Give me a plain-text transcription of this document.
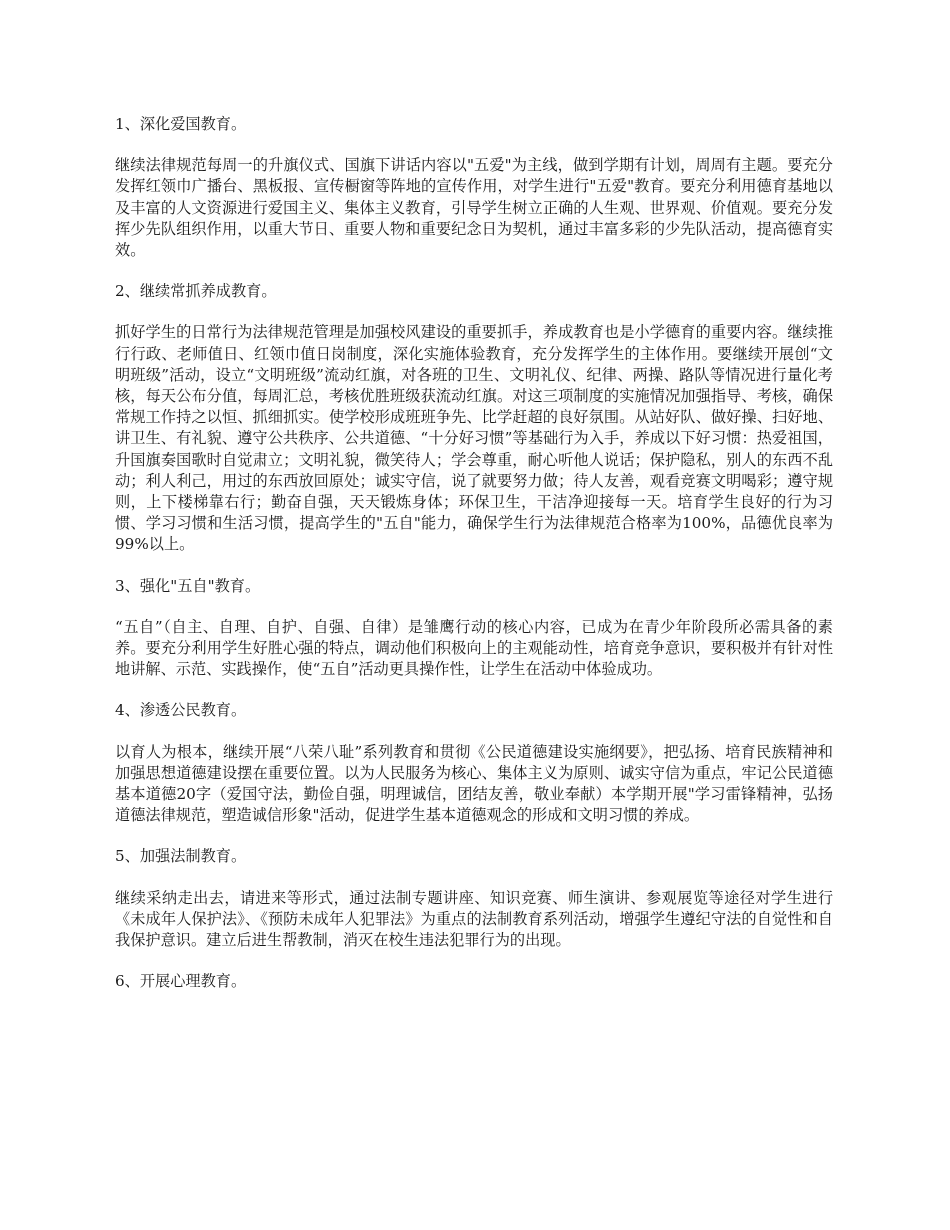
1、深化爱国教育。

继续法律规范每周一的升旗仪式、国旗下讲话内容以"五爱"为主线，做到学期有计划，周周有主题。要充分发挥红领巾广播台、黑板报、宣传橱窗等阵地的宣传作用，对学生进行"五爱"教育。要充分利用德育基地以及丰富的人文资源进行爱国主义、集体主义教育，引导学生树立正确的人生观、世界观、价值观。要充分发挥少先队组织作用，以重大节日、重要人物和重要纪念日为契机，通过丰富多彩的少先队活动，提高德育实效。

2、继续常抓养成教育。

抓好学生的日常行为法律规范管理是加强校风建设的重要抓手，养成教育也是小学德育的重要内容。继续推行行政、老师值日、红领巾值日岗制度，深化实施体验教育，充分发挥学生的主体作用。要继续开展创“文明班级”活动，设立“文明班级”流动红旗，对各班的卫生、文明礼仪、纪律、两操、路队等情况进行量化考核，每天公布分值，每周汇总，考核优胜班级获流动红旗。对这三项制度的实施情况加强指导、考核，确保常规工作持之以恒、抓细抓实。使学校形成班班争先、比学赶超的良好氛围。从站好队、做好操、扫好地、讲卫生、有礼貌、遵守公共秩序、公共道德、“十分好习惯”等基础行为入手，养成以下好习惯：热爱祖国，升国旗奏国歌时自觉肃立；文明礼貌，微笑待人；学会尊重，耐心听他人说话；保护隐私，别人的东西不乱动；利人利己，用过的东西放回原处；诚实守信，说了就要努力做；待人友善，观看竞赛文明喝彩；遵守规则，上下楼梯靠右行；勤奋自强，天天锻炼身体；环保卫生，干洁净迎接每一天。培育学生良好的行为习惯、学习习惯和生活习惯，提高学生的"五自"能力，确保学生行为法律规范合格率为100%，品德优良率为99%以上。

3、强化"五自"教育。

“五自”（自主、自理、自护、自强、自律）是雏鹰行动的核心内容，已成为在青少年阶段所必需具备的素养。要充分利用学生好胜心强的特点，调动他们积极向上的主观能动性，培育竞争意识，要积极并有针对性地讲解、示范、实践操作，使“五自”活动更具操作性，让学生在活动中体验成功。

4、渗透公民教育。

以育人为根本，继续开展“八荣八耻”系列教育和贯彻《公民道德建设实施纲要》，把弘扬、培育民族精神和加强思想道德建设摆在重要位置。以为人民服务为核心、集体主义为原则、诚实守信为重点，牢记公民道德基本道德20字（爱国守法，勤俭自强，明理诚信，团结友善，敬业奉献）本学期开展"学习雷锋精神，弘扬道德法律规范，塑造诚信形象"活动，促进学生基本道德观念的形成和文明习惯的养成。

5、加强法制教育。

继续采纳走出去，请进来等形式，通过法制专题讲座、知识竞赛、师生演讲、参观展览等途径对学生进行《未成年人保护法》、《预防未成年人犯罪法》为重点的法制教育系列活动，增强学生遵纪守法的自觉性和自我保护意识。建立后进生帮教制，消灭在校生违法犯罪行为的出现。

6、开展心理教育。
